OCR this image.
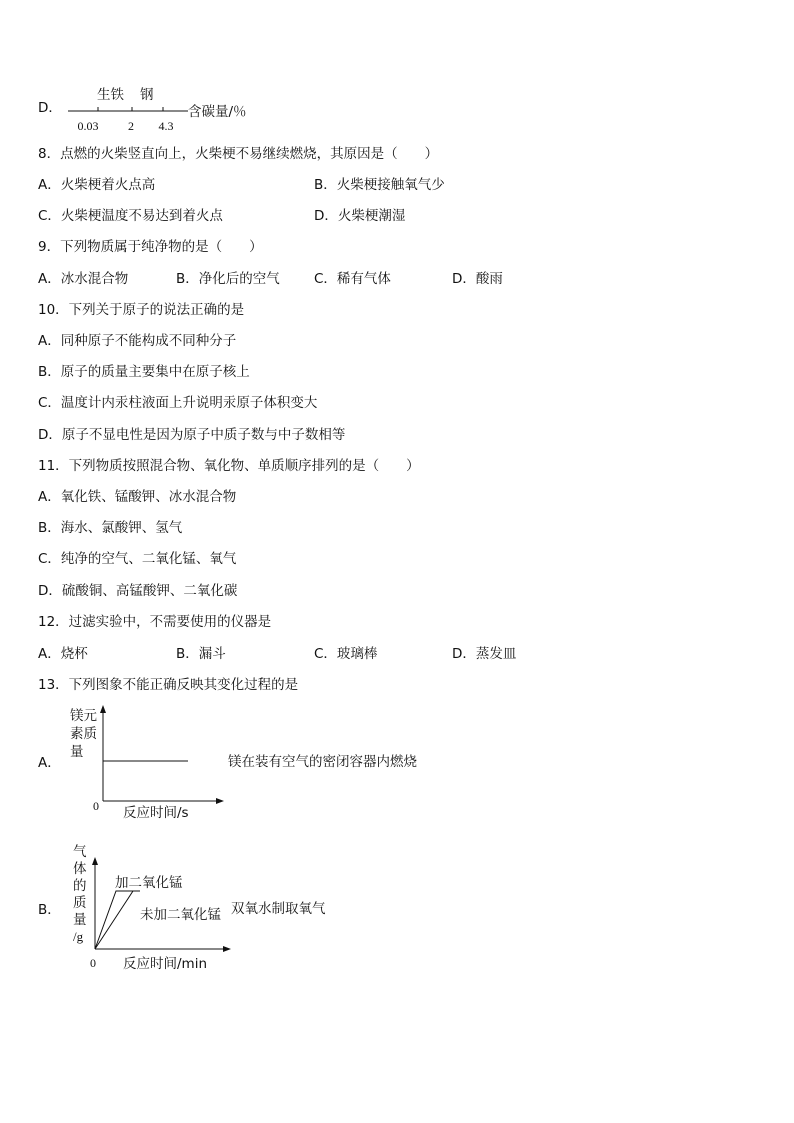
D．
生铁 钢
0.03 2 4.3
含碳量/％
8．点燃的火柴竖直向上，火柴梗不易继续燃烧，其原因是（　　）
A．火柴梗着火点高	B．火柴梗接触氧气少
C．火柴梗温度不易达到着火点	D．火柴梗潮湿
9．下列物质属于纯净物的是（　　）
A．冰水混合物	B．净化后的空气	C．稀有气体	D．酸雨
10．下列关于原子的说法正确的是
A．同种原子不能构成不同种分子
B．原子的质量主要集中在原子核上
C．温度计内汞柱液面上升说明汞原子体积变大
D．原子不显电性是因为原子中质子数与中子数相等
11．下列物质按照混合物、氧化物、单质顺序排列的是（　　）
A．氧化铁、锰酸钾、冰水混合物
B．海水、氯酸钾、氢气
C．纯净的空气、二氧化锰、氧气
D．硫酸铜、高锰酸钾、二氧化碳
12．过滤实验中，不需要使用的仪器是
A．烧杯	B．漏斗	C．玻璃棒	D．蒸发皿
13．下列图象不能正确反映其变化过程的是
A．
镁元
素质
量
0 反应时间/s
镁在装有空气的密闭容器内燃烧
B．
气
体
的
质
量
/g
加二氧化锰
未加二氧化锰 双氧水制取氧气
0 反应时间/min
